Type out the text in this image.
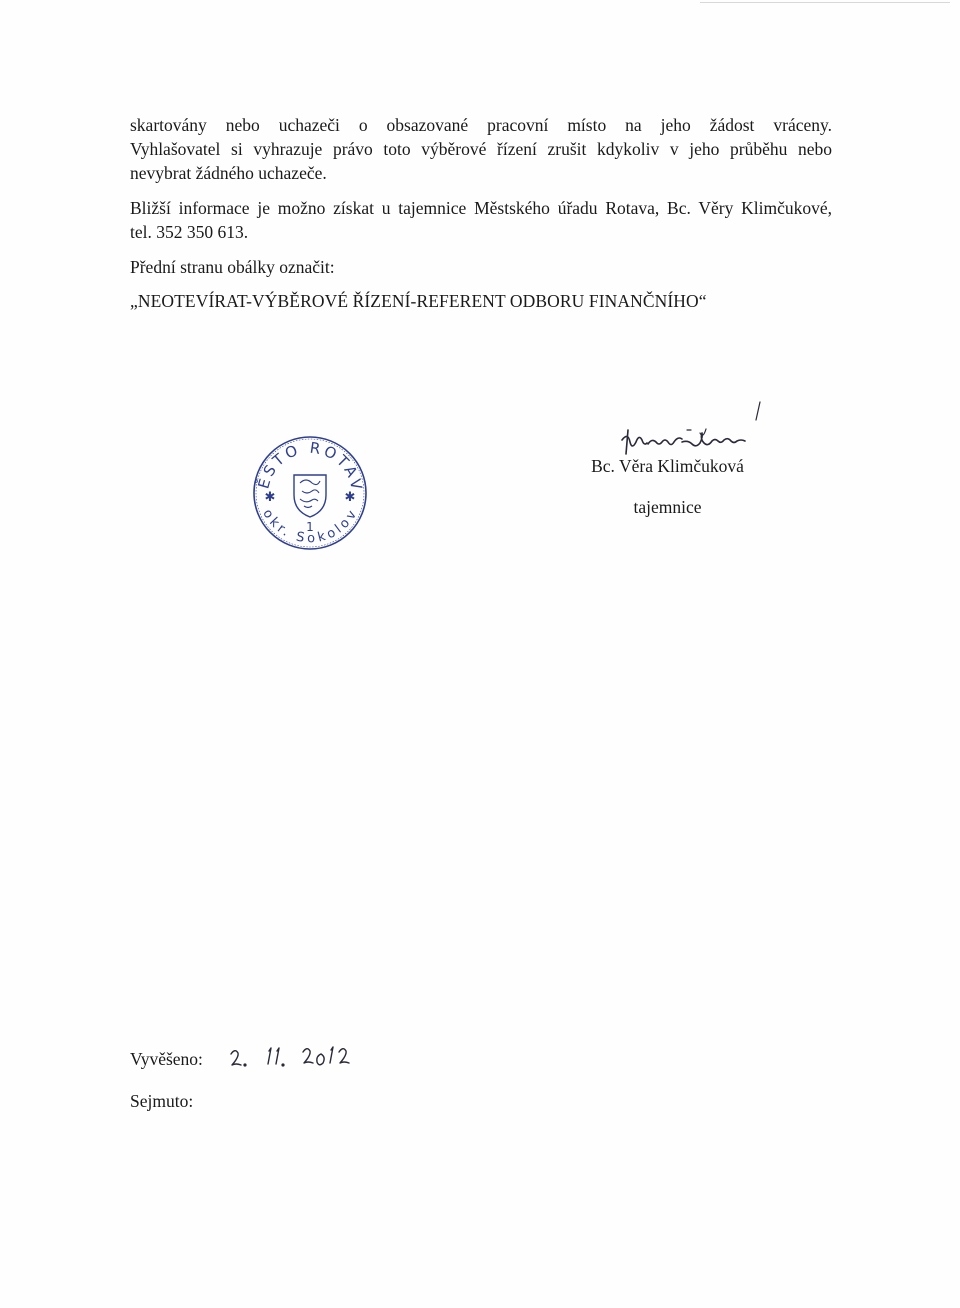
skartovány nebo uchazeči o obsazované pracovní místo na jeho žádost vráceny.
Vyhlašovatel si vyhrazuje právo toto výběrové řízení zrušit kdykoliv v jeho průběhu nebo
nevybrat žádného uchazeče.
Bližší informace je možno získat u tajemnice Městského úřadu Rotava, Bc. Věry Klimčukové,
tel. 352 350 613.
Přední stranu obálky označit:
„NEOTEVÍRAT-VÝBĚROVÉ ŘÍZENÍ-REFERENT ODBORU FINANČNÍHO“
ĚSTO ROTAV
okr. Sokolov
✱	✱
1
Bc. Věra Klimčuková
tajemnice
Vyvěšeno:
Sejmuto:
